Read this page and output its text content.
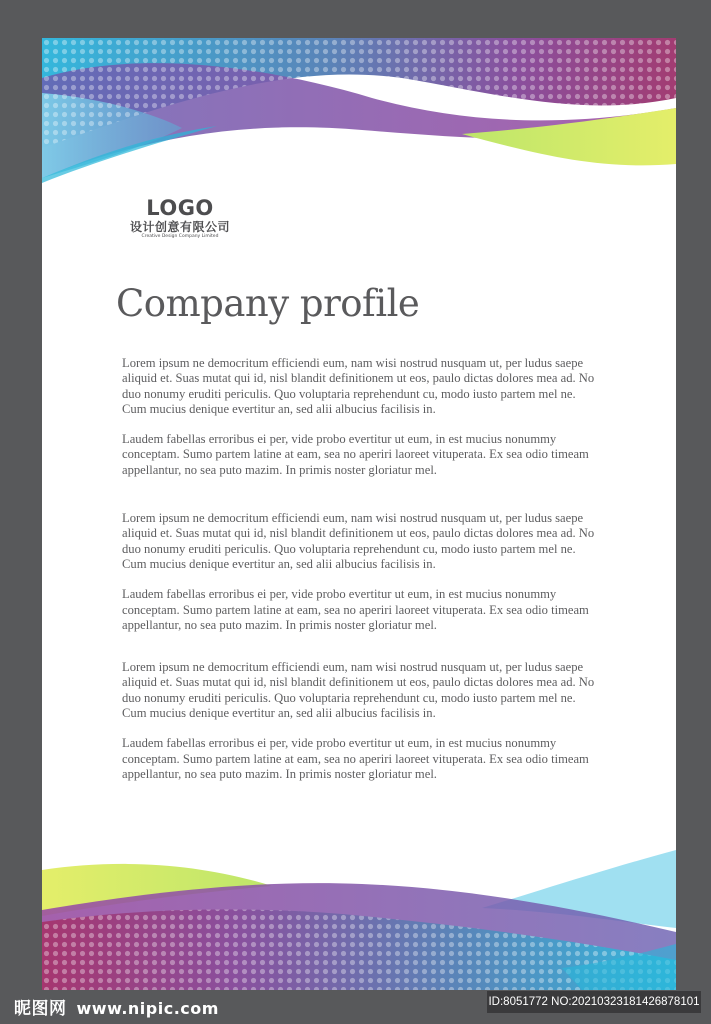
LOGO
设计创意有限公司
Creative Design Company Limited
Company profile

Lorem ipsum ne democritum efficiendi eum, nam wisi nostrud nusquam ut, per ludus saepe aliquid et. Suas mutat qui id, nisl blandit definitionem ut eos, paulo dictas dolores mea ad. No duo nonumy eruditi periculis. Quo voluptaria reprehendunt cu, modo iusto partem mel ne. Cum mucius denique evertitur an, sed alii albucius facilisis in.

Laudem fabellas erroribus ei per, vide probo evertitur ut eum, in est mucius nonummy conceptam. Sumo partem latine at eam, sea no aperiri laoreet vituperata. Ex sea odio timeam appellantur, no sea puto mazim. In primis noster gloriatur mel.

Lorem ipsum ne democritum efficiendi eum, nam wisi nostrud nusquam ut, per ludus saepe aliquid et. Suas mutat qui id, nisl blandit definitionem ut eos, paulo dictas dolores mea ad. No duo nonumy eruditi periculis. Quo voluptaria reprehendunt cu, modo iusto partem mel ne. Cum mucius denique evertitur an, sed alii albucius facilisis in.

Laudem fabellas erroribus ei per, vide probo evertitur ut eum, in est mucius nonummy conceptam. Sumo partem latine at eam, sea no aperiri laoreet vituperata. Ex sea odio timeam appellantur, no sea puto mazim. In primis noster gloriatur mel.

Lorem ipsum ne democritum efficiendi eum, nam wisi nostrud nusquam ut, per ludus saepe aliquid et. Suas mutat qui id, nisl blandit definitionem ut eos, paulo dictas dolores mea ad. No duo nonumy eruditi periculis. Quo voluptaria reprehendunt cu, modo iusto partem mel ne. Cum mucius denique evertitur an, sed alii albucius facilisis in.

Laudem fabellas erroribus ei per, vide probo evertitur ut eum, in est mucius nonummy conceptam. Sumo partem latine at eam, sea no aperiri laoreet vituperata. Ex sea odio timeam appellantur, no sea puto mazim. In primis noster gloriatur mel.

昵图网 www.nipic.com	ID:8051772 NO:20210323181426878101
